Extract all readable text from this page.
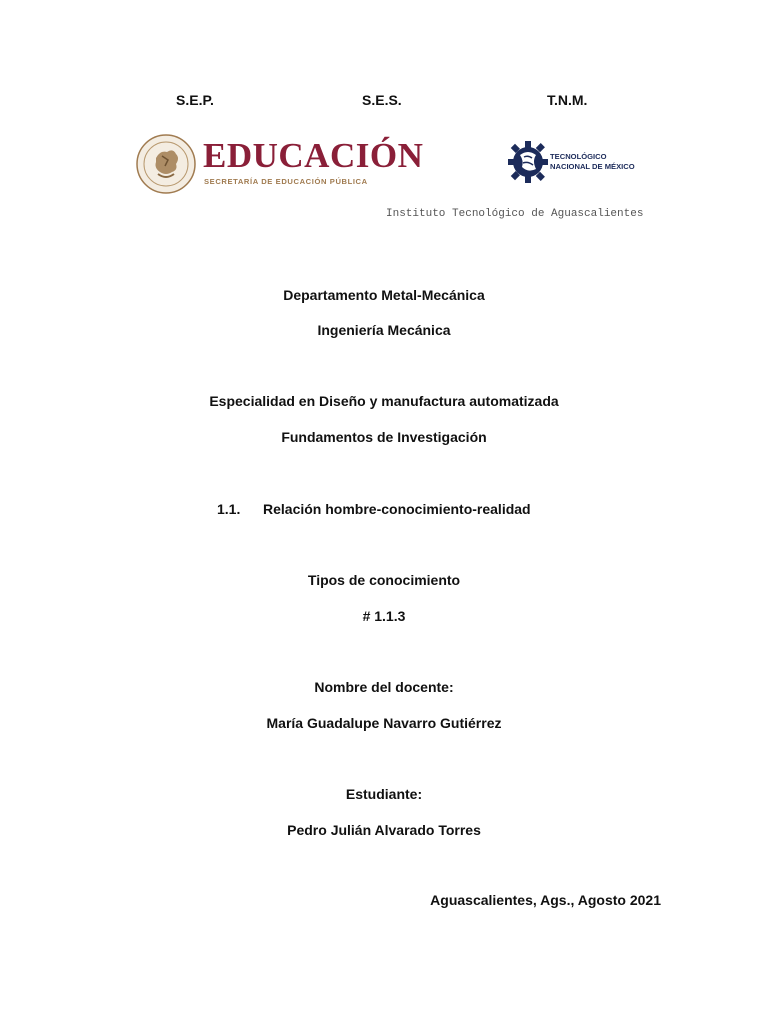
S.E.P.	S.E.S.	T.N.M.
EDUCACIÓN
SECRETARÍA DE EDUCACIÓN PÚBLICA
TECNOLÓGICO
NACIONAL DE MÉXICO
Instituto Tecnológico de Aguascalientes
Departamento Metal-Mecánica
Ingeniería Mecánica
Especialidad en Diseño y manufactura automatizada
Fundamentos de Investigación
1.1. Relación hombre-conocimiento-realidad
Tipos de conocimiento
# 1.1.3
Nombre del docente:
María Guadalupe Navarro Gutiérrez
Estudiante:
Pedro Julián Alvarado Torres
Aguascalientes, Ags., Agosto 2021
